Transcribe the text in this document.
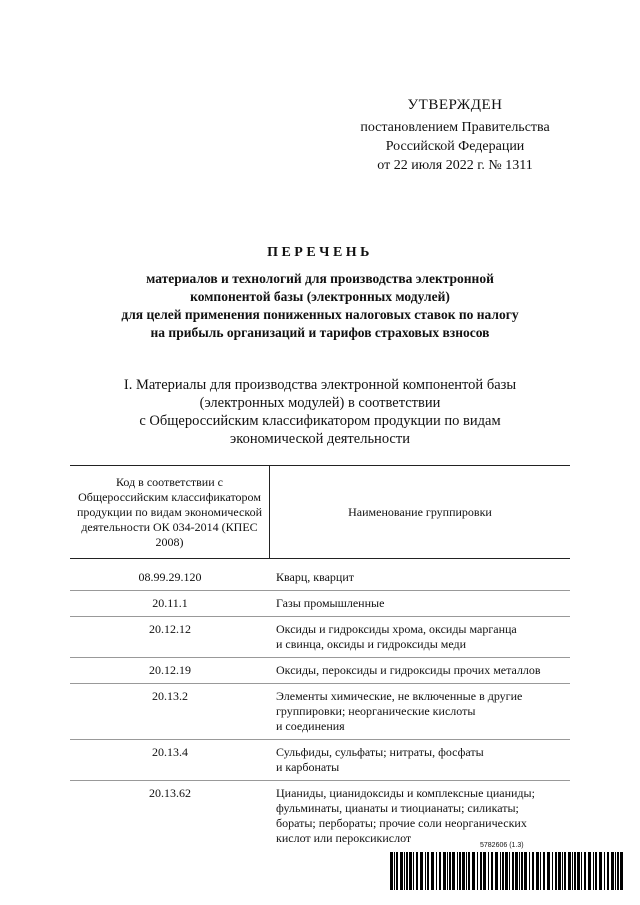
УТВЕРЖДЕН
постановлением Правительства
Российской Федерации
от 22 июля 2022 г. № 1311
ПЕРЕЧЕНЬ
материалов и технологий для производства электронной
компонентой базы (электронных модулей)
для целей применения пониженных налоговых ставок по налогу
на прибыль организаций и тарифов страховых взносов
I. Материалы для производства электронной компонентой базы
(электронных модулей) в соответствии
с Общероссийским классификатором продукции по видам
экономической деятельности
Код в соответствии с Общероссийским классификатором продукции по видам экономической деятельности ОК 034-2014 (КПЕС 2008)
Наименование группировки
08.99.29.120	Кварц, кварцит
20.11.1	Газы промышленные
20.12.12	Оксиды и гидроксиды хрома, оксиды марганца
и свинца, оксиды и гидроксиды меди
20.12.19	Оксиды, пероксиды и гидроксиды прочих металлов
20.13.2	Элементы химические, не включенные в другие
группировки; неорганические кислоты
и соединения
20.13.4	Сульфиды, сульфаты; нитраты, фосфаты
и карбонаты
20.13.62	Цианиды, цианидоксиды и комплексные цианиды;
фульминаты, цианаты и тиоцианаты; силикаты;
бораты; пербораты; прочие соли неорганических
кислот или пероксикислот
5782606 (1.3)
